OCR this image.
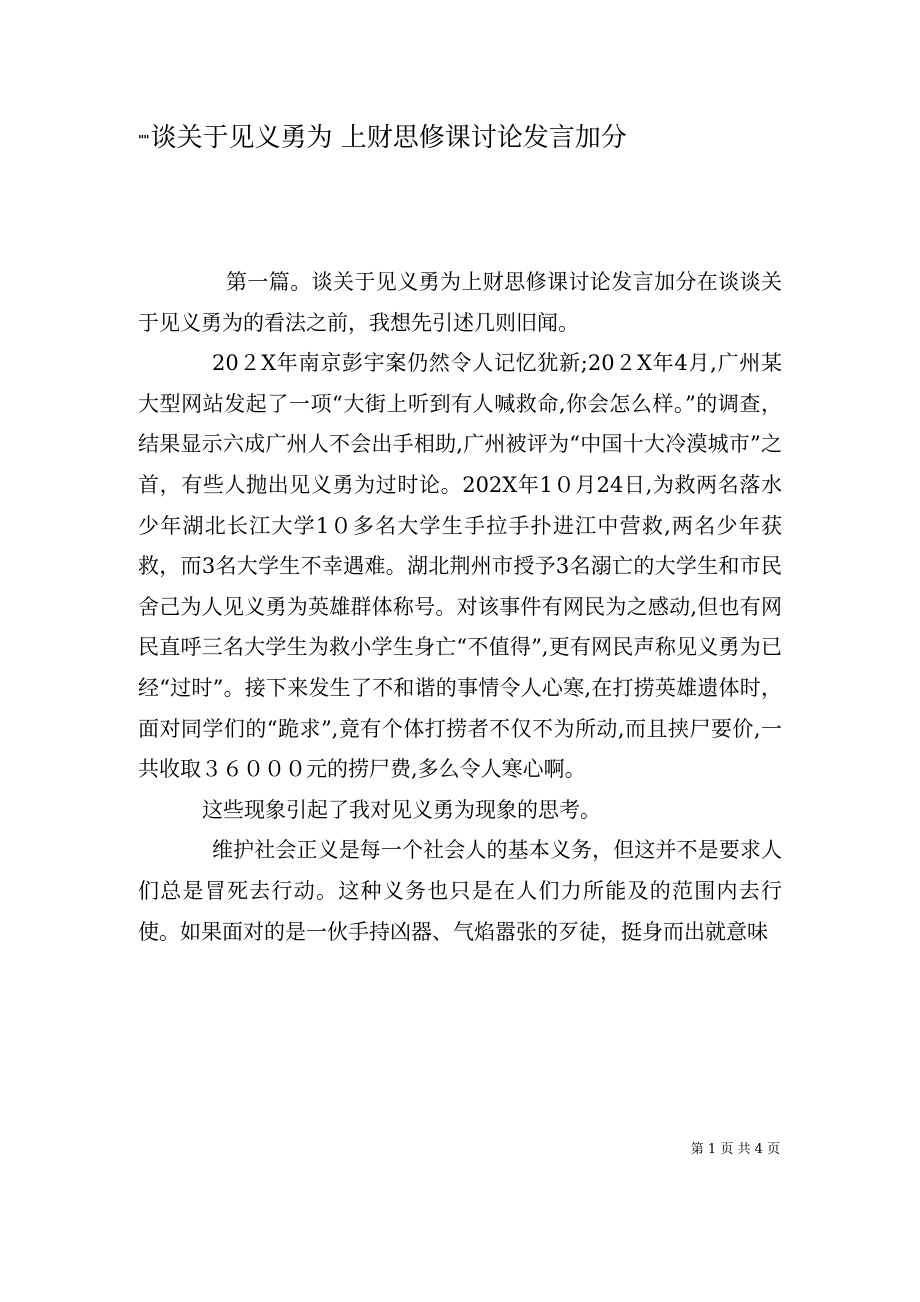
""谈关于见义勇为 上财思修课讨论发言加分

第一篇。谈关于见义勇为上财思修课讨论发言加分在谈谈关于见义勇为的看法之前，我想先引述几则旧闻。

20２X年南京彭宇案仍然令人记忆犹新;20２X年4月,广州某大型网站发起了一项“大街上听到有人喊救命,你会怎么样。”的调查，结果显示六成广州人不会出手相助,广州被评为“中国十大冷漠城市”之首，有些人抛出见义勇为过时论。202X年1０月24日,为救两名落水少年湖北长江大学1０多名大学生手拉手扑进江中营救,两名少年获救，而3名大学生不幸遇难。湖北荆州市授予3名溺亡的大学生和市民舍己为人见义勇为英雄群体称号。对该事件有网民为之感动,但也有网民直呼三名大学生为救小学生身亡“不值得”,更有网民声称见义勇为已经“过时”。接下来发生了不和谐的事情令人心寒,在打捞英雄遗体时，面对同学们的“跪求”,竟有个体打捞者不仅不为所动,而且挟尸要价,一共收取３６０００元的捞尸费,多么令人寒心啊。

这些现象引起了我对见义勇为现象的思考。

维护社会正义是每一个社会人的基本义务，但这并不是要求人们总是冒死去行动。这种义务也只是在人们力所能及的范围内去行使。如果面对的是一伙手持凶器、气焰嚣张的歹徒，挺身而出就意味

第 1 页 共 4 页
